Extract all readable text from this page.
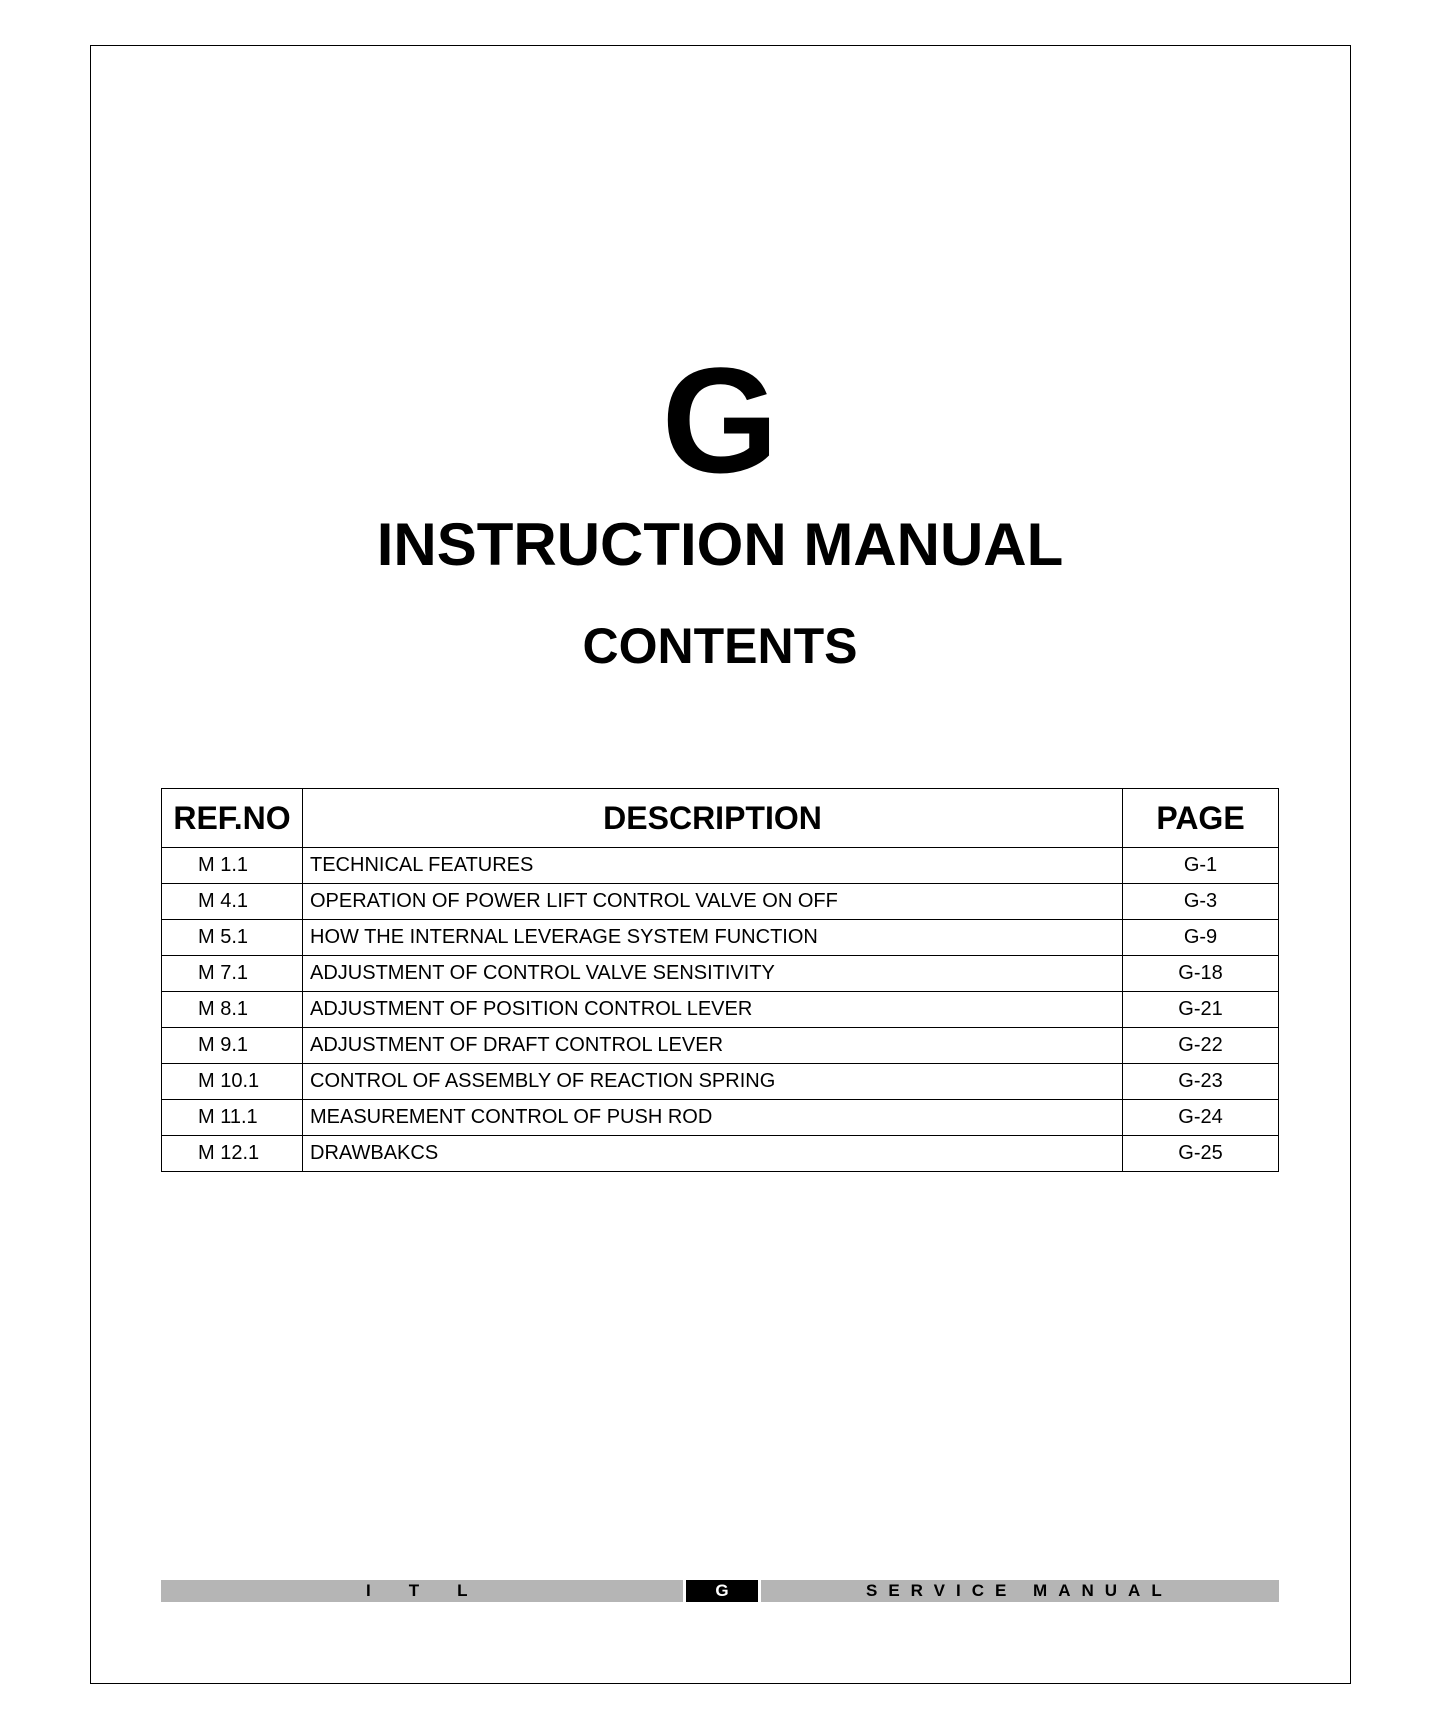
G
INSTRUCTION MANUAL
CONTENTS
REF.NO	DESCRIPTION	PAGE
M 1.1	TECHNICAL FEATURES	G-1
M 4.1	OPERATION OF POWER LIFT CONTROL VALVE ON OFF	G-3
M 5.1	HOW THE INTERNAL LEVERAGE SYSTEM FUNCTION	G-9
M 7.1	ADJUSTMENT OF CONTROL VALVE SENSITIVITY	G-18
M 8.1	ADJUSTMENT OF POSITION CONTROL LEVER	G-21
M 9.1	ADJUSTMENT OF DRAFT CONTROL LEVER	G-22
M 10.1	CONTROL OF ASSEMBLY OF REACTION SPRING	G-23
M 11.1	MEASUREMENT CONTROL OF PUSH ROD	G-24
M 12.1	DRAWBAKCS	G-25
ITL	G	SERVICE MANUAL
